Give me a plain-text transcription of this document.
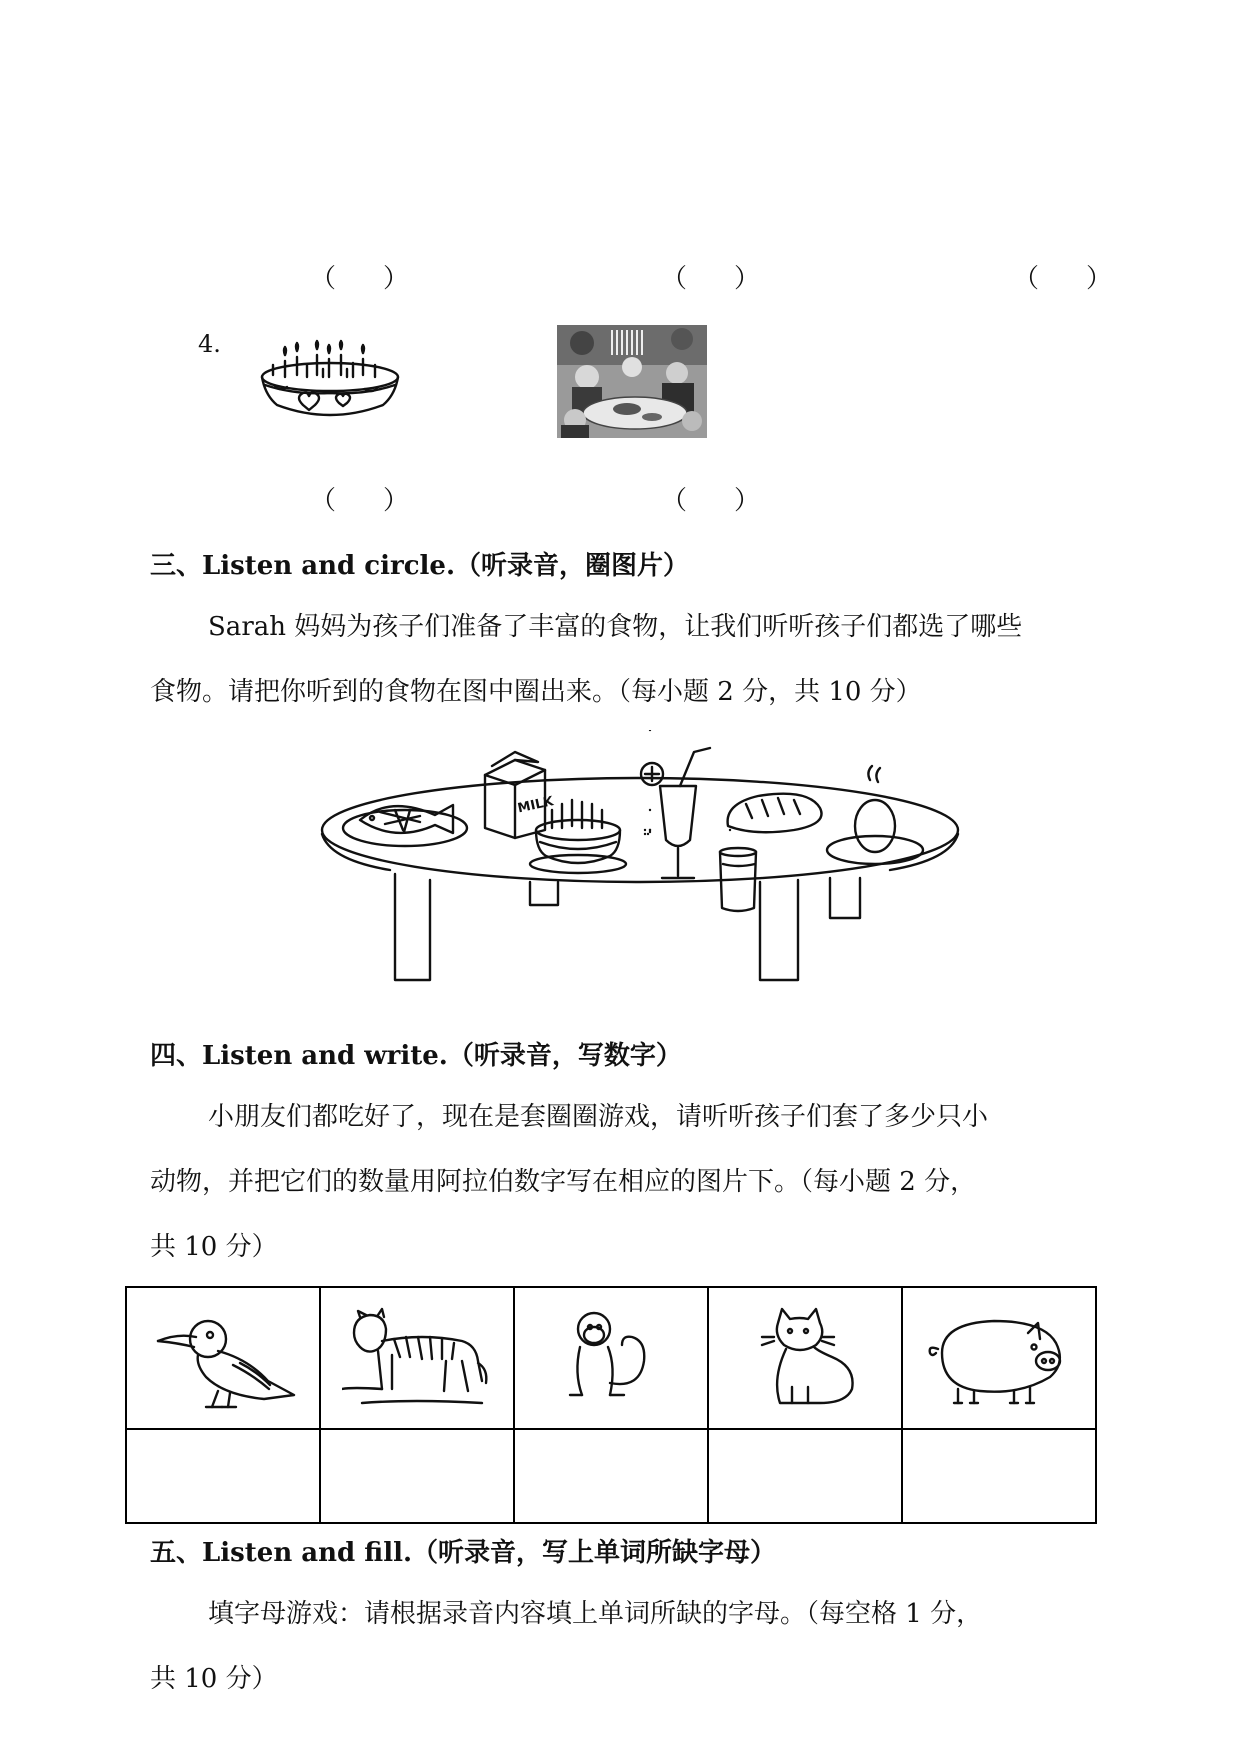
（ ）	（ ）	（ ）
4.
（ ）	（ ）
三、Listen and circle.（听录音，圈图片）
Sarah 妈妈为孩子们准备了丰富的食物，让我们听听孩子们都选了哪些
食物。请把你听到的食物在图中圈出来。（每小题 2 分，共 10 分）
MILK
四、Listen and write.（听录音，写数字）
小朋友们都吃好了，现在是套圈圈游戏，请听听孩子们套了多少只小
动物，并把它们的数量用阿拉伯数字写在相应的图片下。（每小题 2 分，
共 10 分）

五、Listen and fill.（听录音，写上单词所缺字母）
填字母游戏：请根据录音内容填上单词所缺的字母。（每空格 1 分，
共 10 分）
